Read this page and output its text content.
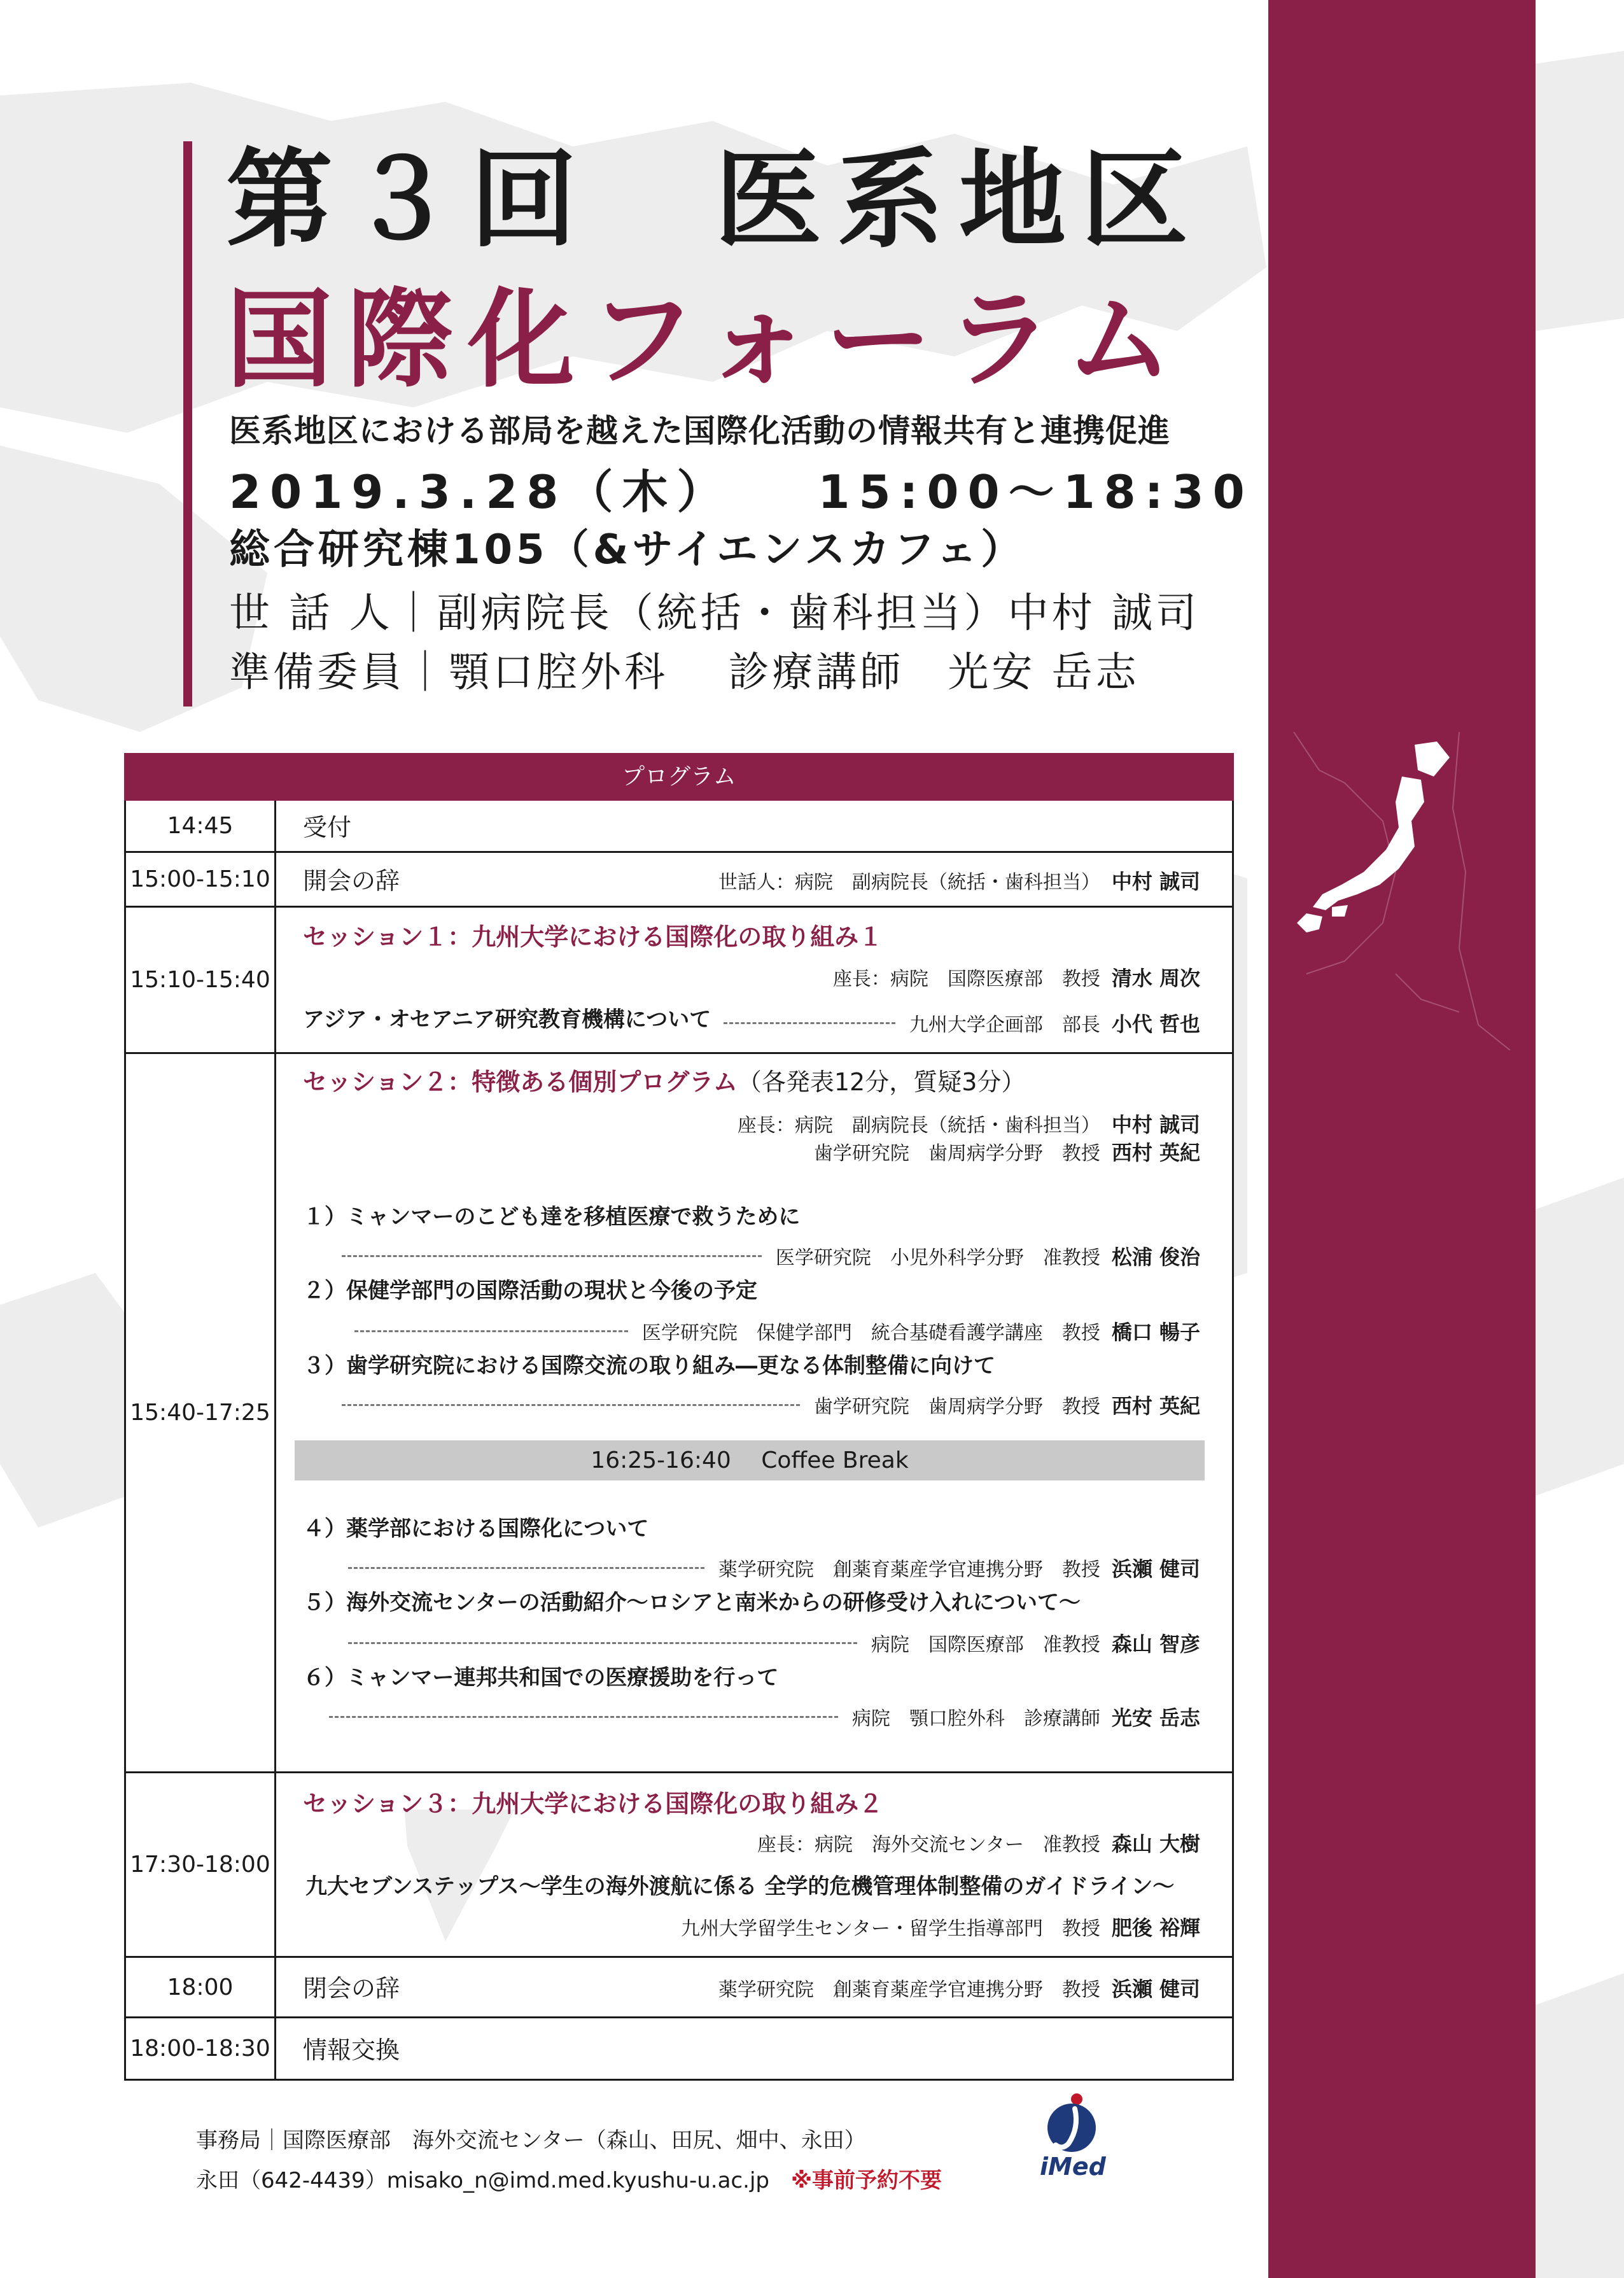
第３回　医系地区
国際化フォーラム
医系地区における部局を越えた国際化活動の情報共有と連携促進
2019.3.28（木）　　15:00〜18:30
総合研究棟105（&サイエンスカフェ）
世 話 人｜副病院長（統括・歯科担当）中村 誠司
準備委員｜顎口腔外科　 診療講師　光安 岳志
プログラム
14:45	受付
15:00-15:10 開会の辞	世話人：病院　副病院長（統括・歯科担当） 中村 誠司
15:10-15:40
セッション１：九州大学における国際化の取り組み１
座長：病院　国際医療部　教授 清水 周次
アジア・オセアニア研究教育機構について	九州大学企画部　部長 小代 哲也
15:40-17:25
セッション２：特徴ある個別プログラム（各発表12分，質疑3分）
座長：病院　副病院長（統括・歯科担当） 中村 誠司
歯学研究院　歯周病学分野　教授 西村 英紀
１）ミャンマーのこども達を移植医療で救うために
医学研究院　小児外科学分野　准教授 松浦 俊治
２）保健学部門の国際活動の現状と今後の予定
医学研究院　保健学部門　統合基礎看護学講座　教授 橋口 暢子
３）歯学研究院における国際交流の取り組み―更なる体制整備に向けて
歯学研究院　歯周病学分野　教授 西村 英紀
16:25-16:40　 Coffee Break
４）薬学部における国際化について
薬学研究院　創薬育薬産学官連携分野　教授 浜瀬 健司
５）海外交流センターの活動紹介〜ロシアと南米からの研修受け入れについて〜
病院　国際医療部　准教授 森山 智彦
６）ミャンマー連邦共和国での医療援助を行って
病院　顎口腔外科　診療講師 光安 岳志
17:30-18:00
セッション３：九州大学における国際化の取り組み２
座長：病院　海外交流センター　准教授 森山 大樹
九大セブンステップス〜学生の海外渡航に係る 全学的危機管理体制整備のガイドライン〜
九州大学留学生センター・留学生指導部門　教授 肥後 裕輝
18:00	閉会の辞	薬学研究院　創薬育薬産学官連携分野　教授 浜瀬 健司
18:00-18:30 情報交換
事務局｜国際医療部　海外交流センター（森山、田尻、畑中、永田）
永田（642-4439）misako_n@imd.med.kyushu-u.ac.jp　 ※事前予約不要	iMed
